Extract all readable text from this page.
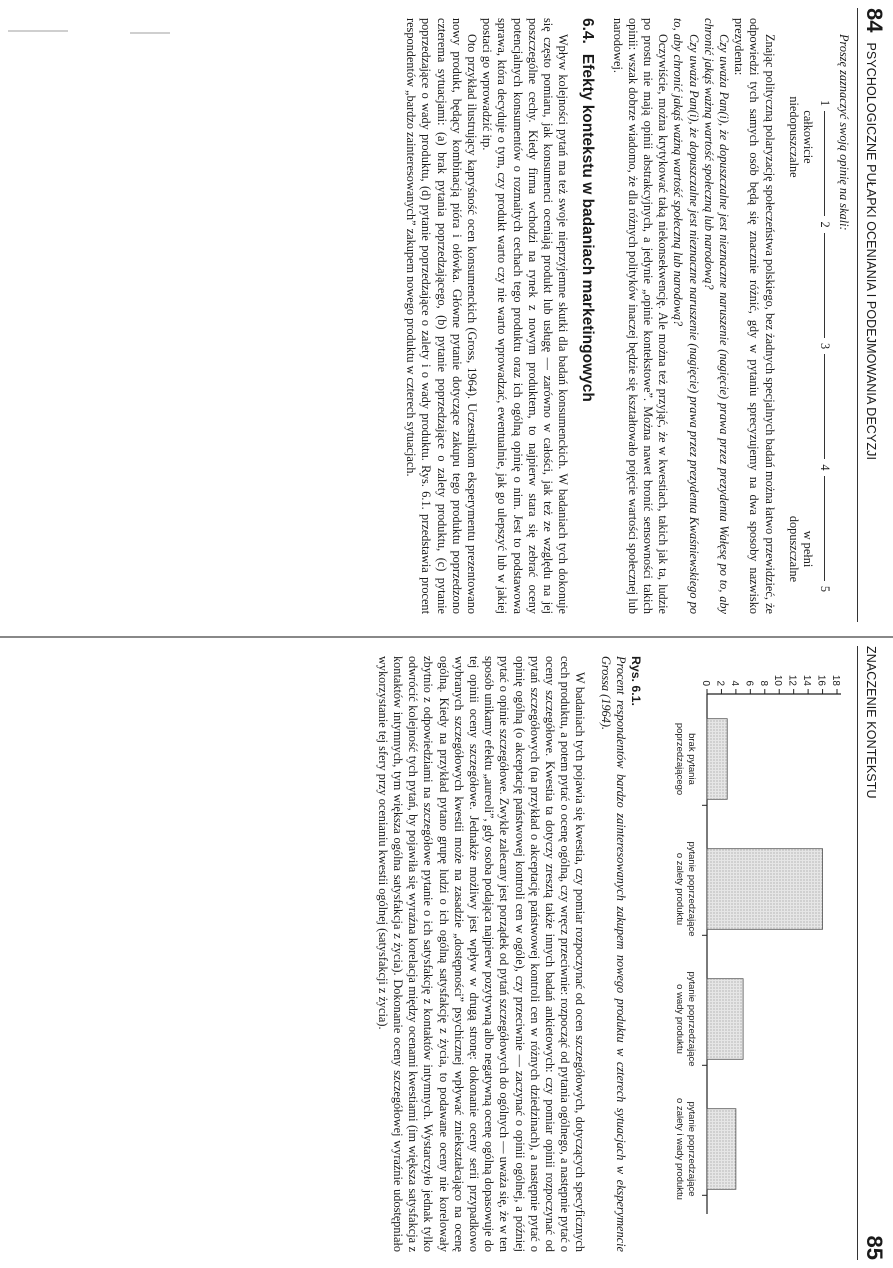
84
PSYCHOLOGICZNE PUŁAPKI OCENIANIA I PODEJMOWANIA DECYZJI

Proszę zaznaczyć swoją opinię na skali:

1
2
3
4
5
całkowicie niedopuszczalne
w pełni dopuszczalne

Znając polityczną polaryzację społeczeństwa polskiego, bez żadnych specjalnych badań można łatwo przewidzieć, że odpowiedzi tych samych osób będą się znacznie różnić, gdy w pytaniu sprecyzujemy na dwa sposoby nazwisko prezydenta:

Czy uważa Pan(i), że dopuszczalne jest nieznaczne naruszenie (nagięcie) prawa przez prezydenta Wałęsę po to, aby chronić jakąś ważną wartość społeczną lub narodową?

Czy uważa Pan(i), że dopuszczalne jest nieznaczne naruszenie (nagięcie) prawa przez prezydenta Kwaśniewskiego po to, aby chronić jakąś ważną wartość społeczną lub narodową?

Oczywiście, można krytykować taką niekonsekwencję. Ale można też przyjąć, że w kwestiach, takich jak ta, ludzie po prostu nie mają opinii abstrakcyjnych, a jedynie „opinie kontekstowe”. Można nawet bronić sensowności takich opinii: wszak dobrze wiadomo, że dla różnych polityków inaczej będzie się kształtowało pojęcie wartości społecznej lub narodowej.

6.4.Efekty kontekstu w badaniach marketingowych

Wpływ kolejności pytań ma też swoje nieprzyjemne skutki dla badań konsumenckich. W badaniach tych dokonuje się często pomiaru, jak konsumenci oceniają produkt lub usługę — zarówno w całości, jak też ze względu na jej poszczególne cechy. Kiedy firma wchodzi na rynek z nowym produktem, to najpierw stara się zebrać oceny potencjalnych konsumentów o rozmaitych cechach tego produktu oraz ich ogólną opinię o nim. Jest to podstawowa sprawa, która decyduje o tym, czy produkt warto czy nie warto wprowadzać, ewentualnie, jak go ulepszyć lub w jakiej postaci go wprowadzić itp.

Oto przykład ilustrujący kapryśność ocen konsumenckich (Gross, 1964). Uczestnikom eksperymentu prezentowano nowy produkt, będący kombinacją pióra i ołówka. Główne pytanie dotyczące zakupu tego produktu poprzedzono czterema sytuacjami: (a) brak pytania poprzedzającego, (b) pytanie poprzedzające o zalety produktu, (c) pytanie poprzedzające o wady produktu, (d) pytanie poprzedzające o zalety i o wady produktu. Rys. 6.1. przedstawia procent respondentów „bardzo zainteresowanych” zakupem nowego produktu w czterech sytuacjach.

ZNACZENIE KONTEKSTU
85
0 2 4 6 8 10 12 14 16 18
brak pytaniapoprzedzającego
pytanie poprzedzająceo zalety produktu
pytanie poprzedzająceo wady produktu
pytanie poprzedzająceo zalety i wady produktu

Rys. 6.1.
Procent respondentów bardzo zainteresowanych zakupem nowego produktu w czterech sytuacjach w eksperymencie Grossa (1964).

W badaniach tych pojawia się kwestia, czy pomiar rozpoczynać od ocen szczegółowych, dotyczących specyficznych cech produktu, a potem pytać o ocenę ogólną, czy wręcz przeciwnie: rozpocząć od pytania ogólnego, a następnie pytać o oceny szczegółowe. Kwestia ta dotyczy zresztą także innych badań ankietowych: czy pomiar opinii rozpoczynać od pytań szczegółowych (na przykład o akceptację państwowej kontroli cen w różnych dziedzinach), a następnie pytać o opinię ogólną (o akceptację państwowej kontroli cen w ogóle), czy przeciwnie — zaczynać o opinii ogólnej, a później pytać o opinie szczegółowe. Zwykle zalecany jest porządek od pytań szczegółowych do ogólnych — uważa się, że w ten sposób unikamy efektu „aureoli”, gdy osoba podająca najpierw pozytywną albo negatywną ocenę ogólną dopasowuje do tej opinii oceny szczegółowe. Jednakże możliwy jest wpływ w drugą stronę: dokonanie oceny serii przypadkowo wybranych szczegółowych kwestii może na zasadzie „dostępności” psychicznej wpływać zniekształcająco na ocenę ogólną. Kiedy na przykład pytano grupę ludzi o ich ogólną satysfakcję z życia, to podawane oceny nie korelowały zbytnio z odpowiedziami na szczegółowe pytanie o ich satysfakcję z kontaktów intymnych. Wystarczyło jednak tylko odwrócić kolejność tych pytań, by pojawiła się wyraźna korelacja między ocenami kwestiami (im większa satysfakcja z kontaktów intymnych, tym większa ogólna satysfakcja z życia). Dokonanie oceny szczegółowej wyraźnie udostępniało wykorzystanie tej sfery przy ocenianiu kwestii ogólnej (satysfakcji z życia).
